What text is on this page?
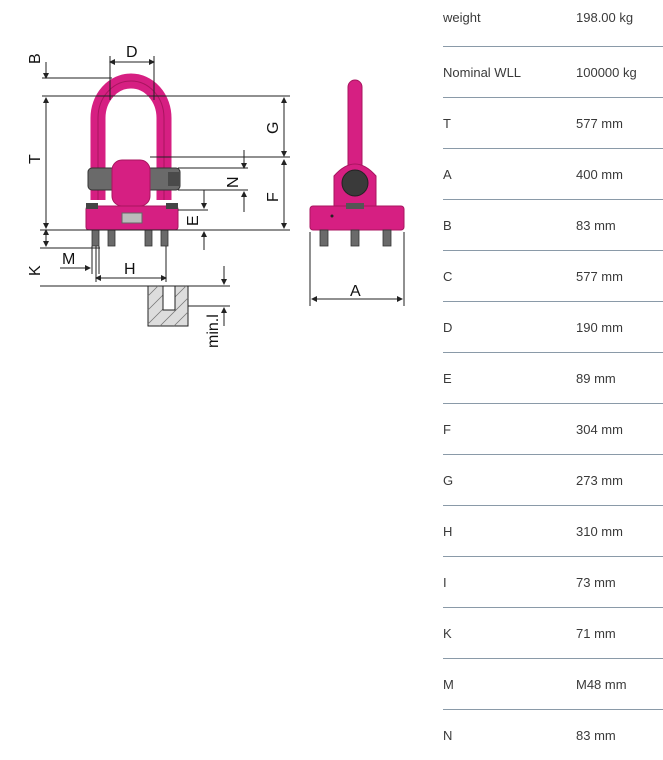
B	D
T
G
N
F
E
K
M
H
A
min.l
weight	198.00 kg
Nominal WLL	100000 kg
T	577 mm
A	400 mm
B	83 mm
C	577 mm
D	190 mm
E	89 mm
F	304 mm
G	273 mm
H	310 mm
I	73 mm
K	71 mm
M	M48 mm
N	83 mm
